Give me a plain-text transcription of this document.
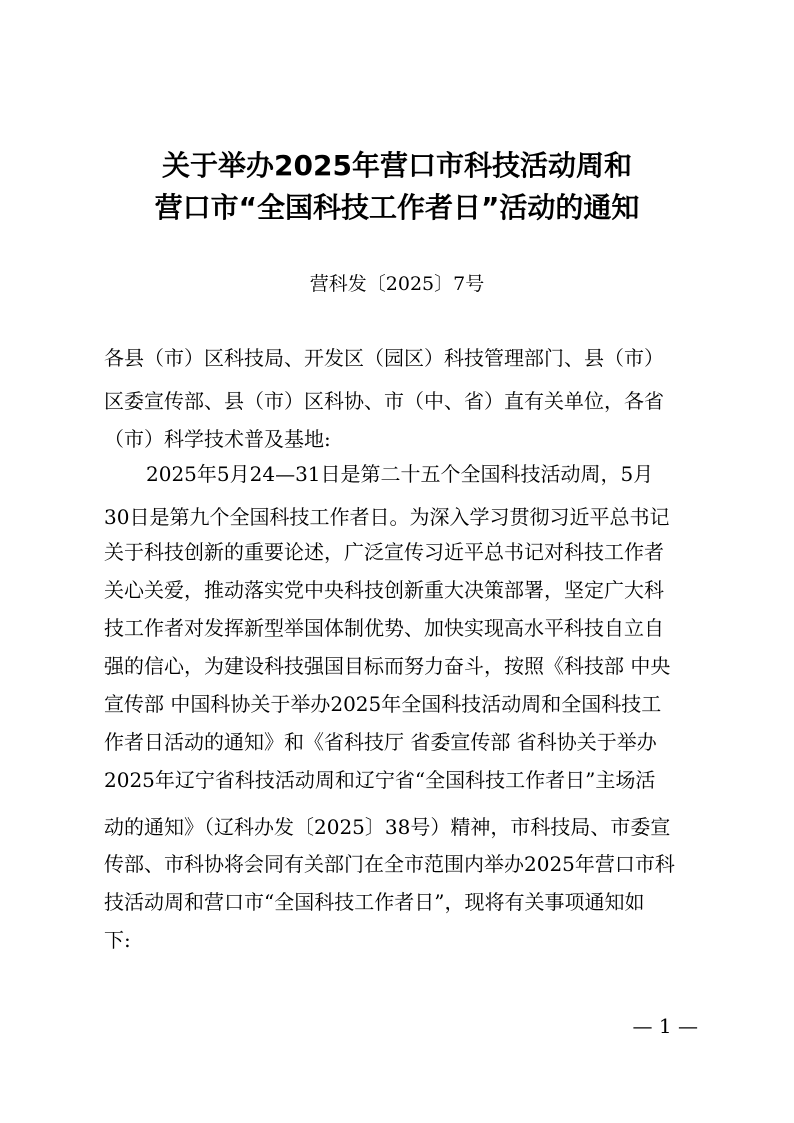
关于举办2025年营口市科技活动周和
营口市“全国科技工作者日”活动的通知
营科发〔2025〕7号
各县（市）区科技局、开发区（园区）科技管理部门、县（市）
区委宣传部、县（市）区科协、市（中、省）直有关单位，各省
（市）科学技术普及基地:
2025年5月24—31日是第二十五个全国科技活动周，5月
30日是第九个全国科技工作者日。为深入学习贯彻习近平总书记
关于科技创新的重要论述，广泛宣传习近平总书记对科技工作者
关心关爱，推动落实党中央科技创新重大决策部署，坚定广大科
技工作者对发挥新型举国体制优势、加快实现高水平科技自立自
强的信心，为建设科技强国目标而努力奋斗，按照《科技部 中央
宣传部 中国科协关于举办2025年全国科技活动周和全国科技工
作者日活动的通知》和《省科技厅 省委宣传部 省科协关于举办
2025年辽宁省科技活动周和辽宁省“全国科技工作者日”主场活
动的通知》（辽科办发〔2025〕38号）精神，市科技局、市委宣
传部、市科协将会同有关部门在全市范围内举办2025年营口市科
技活动周和营口市“全国科技工作者日”，现将有关事项通知如
下:
— 1 —
